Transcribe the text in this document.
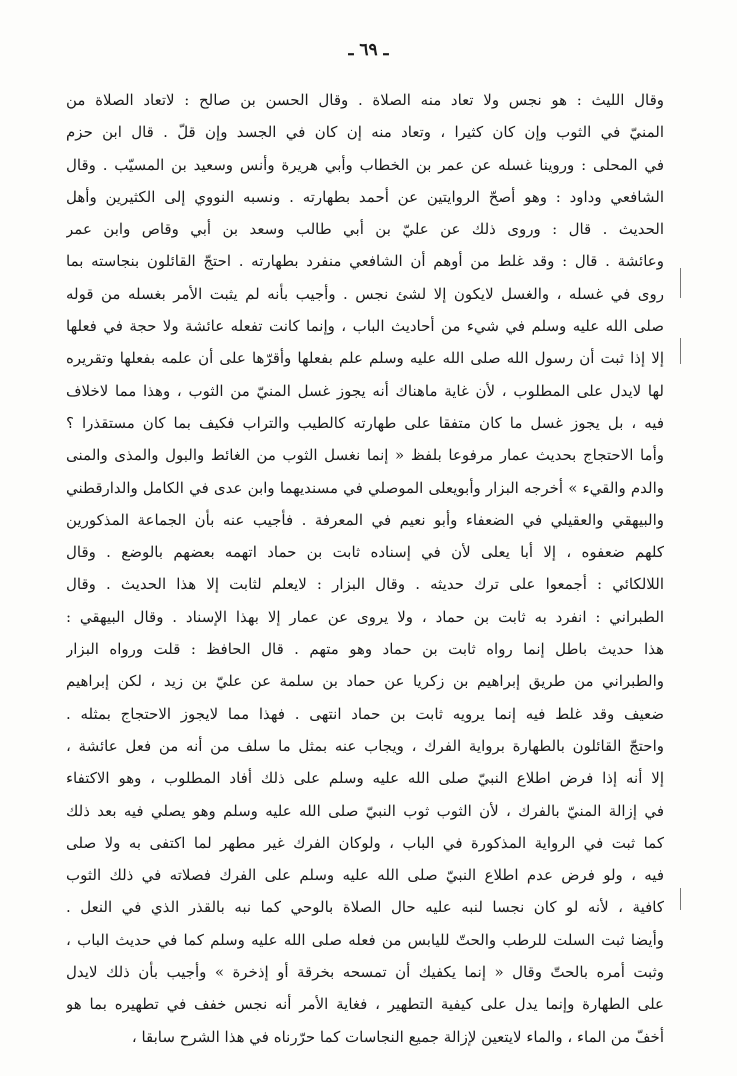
ـ ٦٩ ـ
وقال الليث : هو نجس ولا تعاد منه الصلاة . وقال الحسن بن صالح : لاتعاد الصلاة من
المنيّ في الثوب وإن كان كثيرا ، وتعاد منه إن كان في الجسد وإن قلّ . قال ابن حزم
في المحلى : وروينا غسله عن عمر بن الخطاب وأبي هريرة وأنس وسعيد بن المسيّب . وقال
الشافعي وداود : وهو أصحّ الروايتين عن أحمد بطهارته . ونسبه النووي إلى الكثيرين وأهل
الحديث . قال : وروى ذلك عن عليّ بن أبي طالب وسعد بن أبي وقاص وابن عمر
وعائشة . قال : وقد غلط من أوهم أن الشافعي منفرد بطهارته . احتجّ القائلون بنجاسته بما
روى في غسله ، والغسل لايكون إلا لشئ نجس . وأجيب بأنه لم يثبت الأمر بغسله من قوله
صلى الله عليه وسلم في شيء من أحاديث الباب ، وإنما كانت تفعله عائشة ولا حجة في فعلها
إلا إذا ثبت أن رسول الله صلى الله عليه وسلم علم بفعلها وأقرّها على أن علمه بفعلها وتقريره
لها لايدل على المطلوب ، لأن غاية ماهناك أنه يجوز غسل المنيّ من الثوب ، وهذا مما لاخلاف
فيه ، بل يجوز غسل ما كان متفقا على طهارته كالطيب والتراب فكيف بما كان مستقذرا ؟
وأما الاحتجاج بحديث عمار مرفوعا بلفظ « إنما نغسل الثوب من الغائط والبول والمذى والمنى
والدم والقيء » أخرجه البزار وأبويعلى الموصلي في مسنديهما وابن عدى في الكامل والدارقطني
والبيهقي والعقيلي في الضعفاء وأبو نعيم في المعرفة . فأجيب عنه بأن الجماعة المذكورين
كلهم ضعفوه ، إلا أبا يعلى لأن في إسناده ثابت بن حماد اتهمه بعضهم بالوضع . وقال
اللالكائي : أجمعوا على ترك حديثه . وقال البزار : لايعلم لثابت إلا هذا الحديث . وقال
الطبراني : انفرد به ثابت بن حماد ، ولا يروى عن عمار إلا بهذا الإسناد . وقال البيهقي :
هذا حديث باطل إنما رواه ثابت بن حماد وهو متهم . قال الحافظ : قلت ورواه البزار
والطبراني من طريق إبراهيم بن زكريا عن حماد بن سلمة عن عليّ بن زيد ، لكن إبراهيم
ضعيف وقد غلط فيه إنما يرويه ثابت بن حماد انتهى . فهذا مما لايجوز الاحتجاج بمثله .
واحتجّ القائلون بالطهارة برواية الفرك ، ويجاب عنه بمثل ما سلف من أنه من فعل عائشة ،
إلا أنه إذا فرض اطلاع النبيّ صلى الله عليه وسلم على ذلك أفاد المطلوب ، وهو الاكتفاء
في إزالة المنيّ بالفرك ، لأن الثوب ثوب النبيّ صلى الله عليه وسلم وهو يصلي فيه بعد ذلك
كما ثبت في الرواية المذكورة في الباب ، ولوكان الفرك غير مطهر لما اكتفى به ولا صلى
فيه ، ولو فرض عدم اطلاع النبيّ صلى الله عليه وسلم على الفرك فصلاته في ذلك الثوب
كافية ، لأنه لو كان نجسا لنبه عليه حال الصلاة بالوحي كما نبه بالقذر الذي في النعل .
وأيضا ثبت السلت للرطب والحتّ لليابس من فعله صلى الله عليه وسلم كما في حديث الباب ،
وثبت أمره بالحتّ وقال « إنما يكفيك أن تمسحه بخرقة أو إذخرة » وأجيب بأن ذلك لايدل
على الطهارة وإنما يدل على كيفية التطهير ، فغاية الأمر أنه نجس خفف في تطهيره بما هو
أخفّ من الماء ، والماء لايتعين لإزالة جميع النجاسات كما حرّرناه في هذا الشرح سابقا ،
